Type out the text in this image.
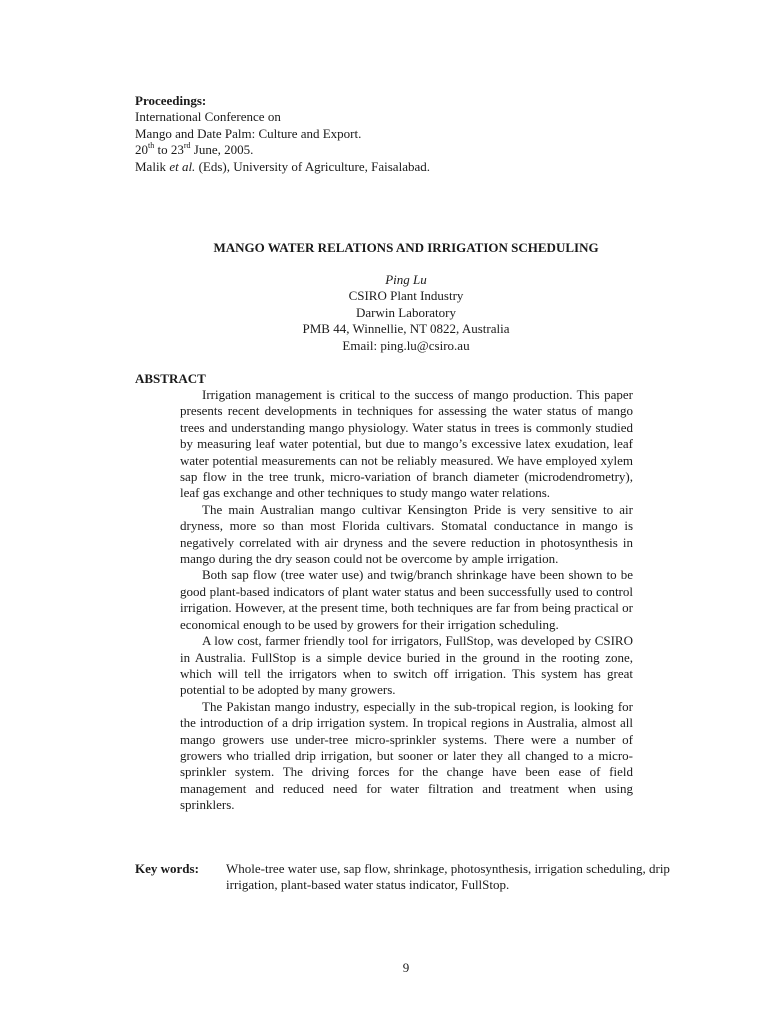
Proceedings:
International Conference on
Mango and Date Palm: Culture and Export.
20th to 23rd June, 2005.
Malik et al. (Eds), University of Agriculture, Faisalabad.
MANGO WATER RELATIONS AND IRRIGATION SCHEDULING
Ping Lu
CSIRO Plant Industry
Darwin Laboratory
PMB 44, Winnellie, NT 0822, Australia
Email: ping.lu@csiro.au
ABSTRACT

Irrigation management is critical to the success of mango production. This paper presents recent developments in techniques for assessing the water status of mango trees and understanding mango physiology. Water status in trees is commonly studied by measuring leaf water potential, but due to mango’s excessive latex exudation, leaf water potential measurements can not be reliably measured. We have employed xylem sap flow in the tree trunk, micro-variation of branch diameter (microdendrometry), leaf gas exchange and other techniques to study mango water relations.

The main Australian mango cultivar Kensington Pride is very sensitive to air dryness, more so than most Florida cultivars. Stomatal conductance in mango is negatively correlated with air dryness and the severe reduction in photosynthesis in mango during the dry season could not be overcome by ample irrigation.

Both sap flow (tree water use) and twig/branch shrinkage have been shown to be good plant-based indicators of plant water status and been successfully used to control irrigation. However, at the present time, both techniques are far from being practical or economical enough to be used by growers for their irrigation scheduling.

A low cost, farmer friendly tool for irrigators, FullStop, was developed by CSIRO in Australia. FullStop is a simple device buried in the ground in the rooting zone, which will tell the irrigators when to switch off irrigation. This system has great potential to be adopted by many growers.

The Pakistan mango industry, especially in the sub-tropical region, is looking for the introduction of a drip irrigation system. In tropical regions in Australia, almost all mango growers use under-tree micro-sprinkler systems. There were a number of growers who trialled drip irrigation, but sooner or later they all changed to a micro-sprinkler system. The driving forces for the change have been ease of field management and reduced need for water filtration and treatment when using sprinklers.

Key words: Whole-tree water use, sap flow, shrinkage, photosynthesis, irrigation scheduling, drip irrigation, plant-based water status indicator, FullStop.
9
